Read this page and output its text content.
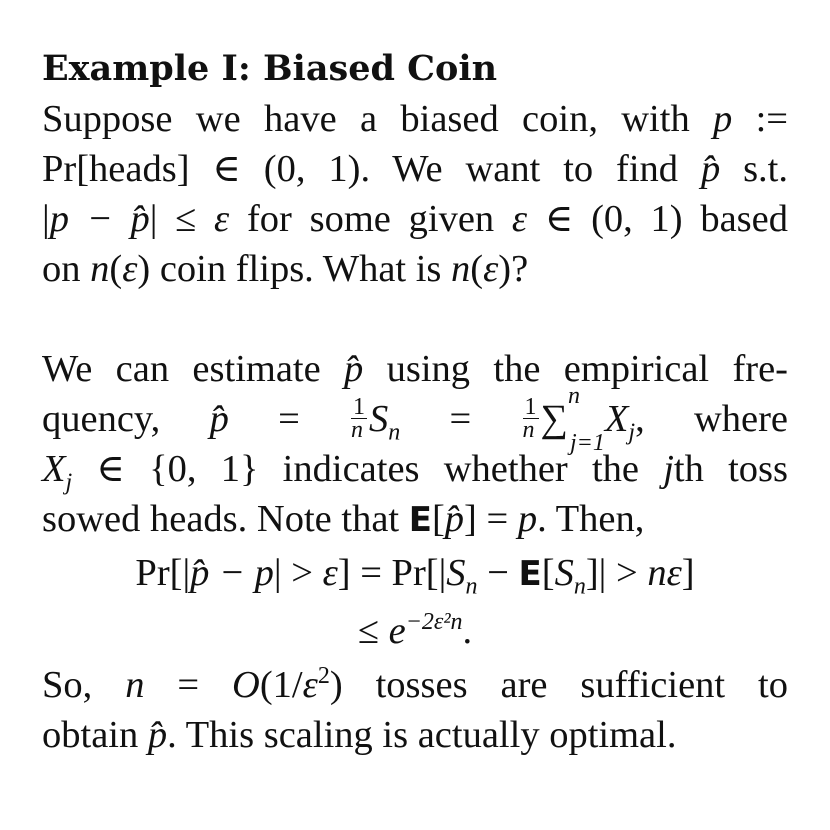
Example I: Biased Coin
Suppose we have a biased coin, with p :=
Pr[heads] ∈ (0, 1). We want to find p̂ s.t.
|p − p̂| ≤ ε for some given ε ∈ (0, 1) based
on n(ε) coin flips. What is n(ε)?
We can estimate p̂ using the empirical fre-
quency, p̂ = $\frac{1}{n} S_n = \frac{1}{n} \sum^n_{j=1}X_j$, where
$X_j$ ∈ {0, 1} indicates whether the jth toss
sowed heads. Note that E[p̂] = p. Then,
Pr[|p̂ − $p| > \varepsilon] = Pr[|S_n - E[S_n]| > n\varepsilon]$
≤ $e^{-2\varepsilon^2n}$.
So, $n = O(1/\varepsilon^2)$ tosses are sufficient to
obtain p̂. This scaling is actually optimal.
